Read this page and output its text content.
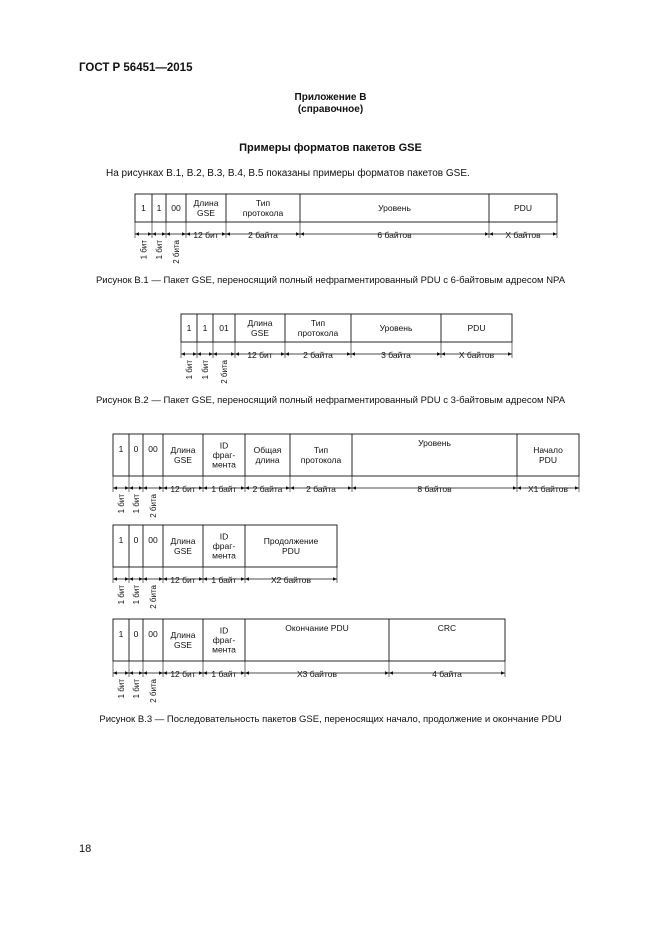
ГОСТ Р 56451—2015
Приложение В
(справочное)
Примеры форматов пакетов GSE
На рисунках В.1, В.2, В.3, В.4, В.5 показаны примеры форматов пакетов GSE.
1
1 бит
1
1 бит
00
2 бита
Длина
GSE
12 бит
Тип
протокола
2 байта
Уровень
6 байтов
PDU
X байтов
1
1 бит
1
1 бит
01
2 бита
Длина
GSE
12 бит
Тип
протокола
2 байта
Уровень
3 байта
PDU
X байтов
1
1 бит
0
1 бит
00
2 бита
Длина
GSE
12 бит
ID
фраг-
мента
1 байт
Общая
длина
2 байта
Тип
протокола
2 байта
Уровень
8 байтов
Начало
PDU
X1 байтов
1
1 бит
0
1 бит
00
2 бита
Длина
GSE
12 бит
ID
фраг-
мента
1 байт
Продолжение
PDU
X2 байтов
1
1 бит
0
1 бит
00
2 бита
Длина
GSE
12 бит
ID
фраг-
мента
1 байт
Окончание PDU
X3 байтов
CRC
4 байта
Рисунок В.1 — Пакет GSE, переносящий полный нефрагментированный PDU с 6-байтовым адресом NPA
Рисунок В.2 — Пакет GSE, переносящий полный нефрагментированный PDU с 3-байтовым адресом NPA
Рисунок В.3 — Последовательность пакетов GSE, переносящих начало, продолжение и окончание PDU
18
